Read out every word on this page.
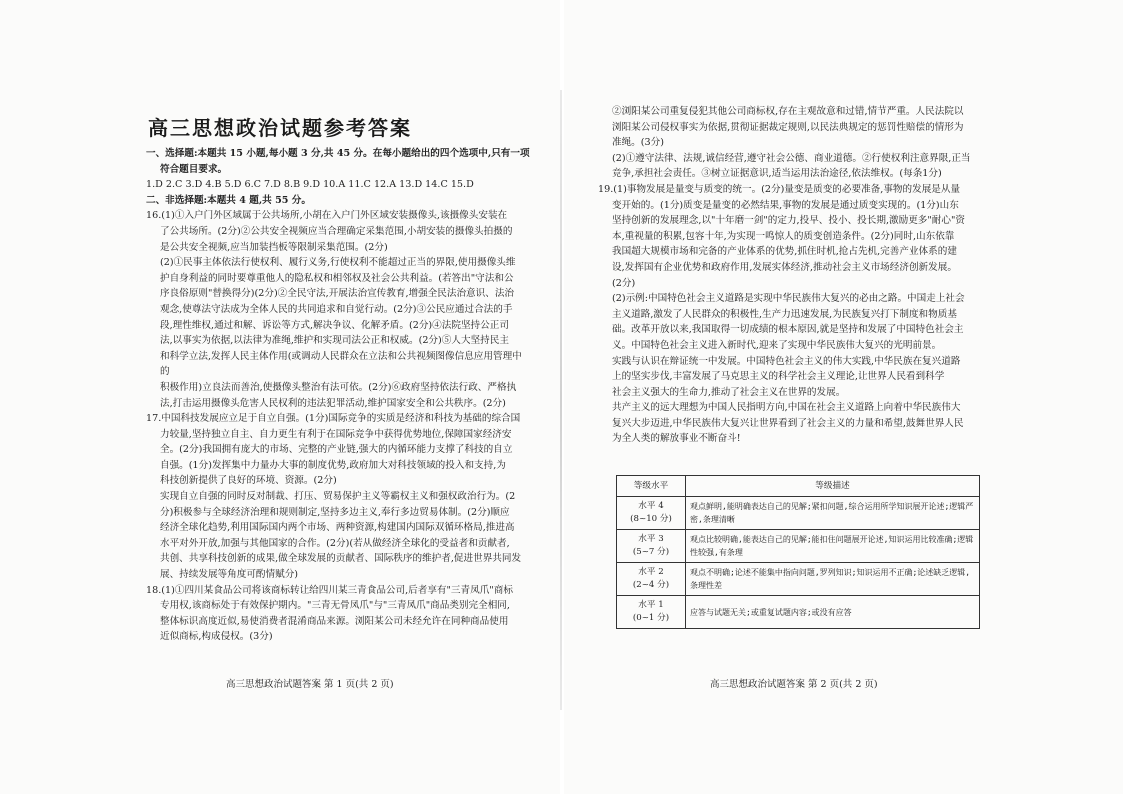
高三思想政治试题参考答案

一、选择题:本题共 15 小题,每小题 3 分,共 45 分。在每小题给出的四个选项中,只有一项

符合题目要求。

1.D 2.C 3.D 4.B 5.D 6.C 7.D 8.B 9.D 10.A 11.C 12.A 13.D 14.C 15.D

二、非选择题:本题共 4 题,共 55 分。

16.(1)①入户门外区域属于公共场所,小胡在入户门外区域安装摄像头,该摄像头安装在

了公共场所。(2分)②公共安全视频应当合理确定采集范围,小胡安装的摄像头拍摄的

是公共安全视频,应当加装挡板等限制采集范围。(2分)

(2)①民事主体依法行使权利、履行义务,行使权利不能超过正当的界限,使用摄像头维

护自身利益的同时要尊重他人的隐私权和相邻权及社会公共利益。(若答出"守法和公

序良俗原则"替换得分)(2分)②全民守法,开展法治宣传教育,增强全民法治意识、法治

观念,使尊法守法成为全体人民的共同追求和自觉行动。(2分)③公民应通过合法的手

段,理性维权,通过和解、诉讼等方式,解决争议、化解矛盾。(2分)④法院坚持公正司

法,以事实为依据,以法律为准绳,维护和实现司法公正和权威。(2分)⑤人大坚持民主

和科学立法,发挥人民主体作用(或调动人民群众在立法和公共视频图像信息应用管理中的

积极作用)立良法而善治,使摄像头整治有法可依。(2分)⑥政府坚持依法行政、严格执

法,打击运用摄像头危害人民权利的违法犯罪活动,维护国家安全和公共秩序。(2分)

17.中国科技发展应立足于自立自强。(1分)国际竞争的实质是经济和科技为基础的综合国

力较量,坚持独立自主、自力更生有利于在国际竞争中获得优势地位,保障国家经济安

全。(2分)我国拥有庞大的市场、完整的产业链,强大的内循环能力支撑了科技的自立

自强。(1分)发挥集中力量办大事的制度优势,政府加大对科技领域的投入和支持,为

科技创新提供了良好的环境、资源。(2分)

实现自立自强的同时反对制裁、打压、贸易保护主义等霸权主义和强权政治行为。(2

分)积极参与全球经济治理和规则制定,坚持多边主义,奉行多边贸易体制。(2分)顺应

经济全球化趋势,利用国际国内两个市场、两种资源,构建国内国际双循环格局,推进高

水平对外开放,加强与其他国家的合作。(2分)(若从做经济全球化的受益者和贡献者,

共创、共享科技创新的成果,做全球发展的贡献者、国际秩序的维护者,促进世界共同发

展、持续发展等角度可酌情赋分)

18.(1)①四川某食品公司将该商标转让给四川某三青食品公司,后者享有"三青凤爪"商标

专用权,该商标处于有效保护期内。"三青无骨凤爪"与"三青凤爪"商品类别完全相同,

整体标识高度近似,易使消费者混淆商品来源。浏阳某公司未经允许在同种商品使用

近似商标,构成侵权。(3分)

高三思想政治试题答案 第 1 页(共 2 页)

②浏阳某公司重复侵犯其他公司商标权,存在主观故意和过错,情节严重。人民法院以

浏阳某公司侵权事实为依据,贯彻证据裁定规则,以民法典规定的惩罚性赔偿的情形为

准绳。(3分)

(2)①遵守法律、法规,诚信经营,遵守社会公德、商业道德。②行使权利注意界限,正当

竞争,承担社会责任。③树立证据意识,适当运用法治途径,依法维权。(每条1分)

19.(1)事物发展是量变与质变的统一。(2分)量变是质变的必要准备,事物的发展是从量

变开始的。(1分)质变是量变的必然结果,事物的发展是通过质变实现的。(1分)山东

坚持创新的发展理念,以"十年磨一剑"的定力,投早、投小、投长期,激励更多"耐心"资

本,重视量的积累,包容十年,为实现一鸣惊人的质变创造条件。(2分)同时,山东依靠

我国超大规模市场和完备的产业体系的优势,抓住时机,抢占先机,完善产业体系的建

设,发挥国有企业优势和政府作用,发展实体经济,推动社会主义市场经济创新发展。

(2分)

(2)示例:中国特色社会主义道路是实现中华民族伟大复兴的必由之路。中国走上社会

主义道路,激发了人民群众的积极性,生产力迅速发展,为民族复兴打下制度和物质基

础。改革开放以来,我国取得一切成绩的根本原因,就是坚持和发展了中国特色社会主

义。中国特色社会主义进入新时代,迎来了实现中华民族伟大复兴的光明前景。

实践与认识在辩证统一中发展。中国特色社会主义的伟大实践,中华民族在复兴道路

上的坚实步伐,丰富发展了马克思主义的科学社会主义理论,让世界人民看到科学

社会主义强大的生命力,推动了社会主义在世界的发展。

共产主义的远大理想为中国人民指明方向,中国在社会主义道路上向着中华民族伟大

复兴大步迈进,中华民族伟大复兴让世界看到了社会主义的力量和希望,鼓舞世界人民

为全人类的解放事业不断奋斗!

等级水平	等级描述

水平 4
(8~10 分)	观点鲜明,能明确表达自己的见解;紧扣问题,综合运用所学知识展开论述;逻辑严密,条理清晰

水平 3
(5~7 分)	观点比较明确,能表达自己的见解;能扣住问题展开论述,知识运用比较准确;逻辑性较强,有条理

水平 2
(2~4 分)	观点不明确;论述不能集中指向问题,罗列知识;知识运用不正确;论述缺乏逻辑,条理性差

水平 1
(0~1 分)	应答与试题无关;或重复试题内容;或没有应答
高三思想政治试题答案 第 2 页(共 2 页)
